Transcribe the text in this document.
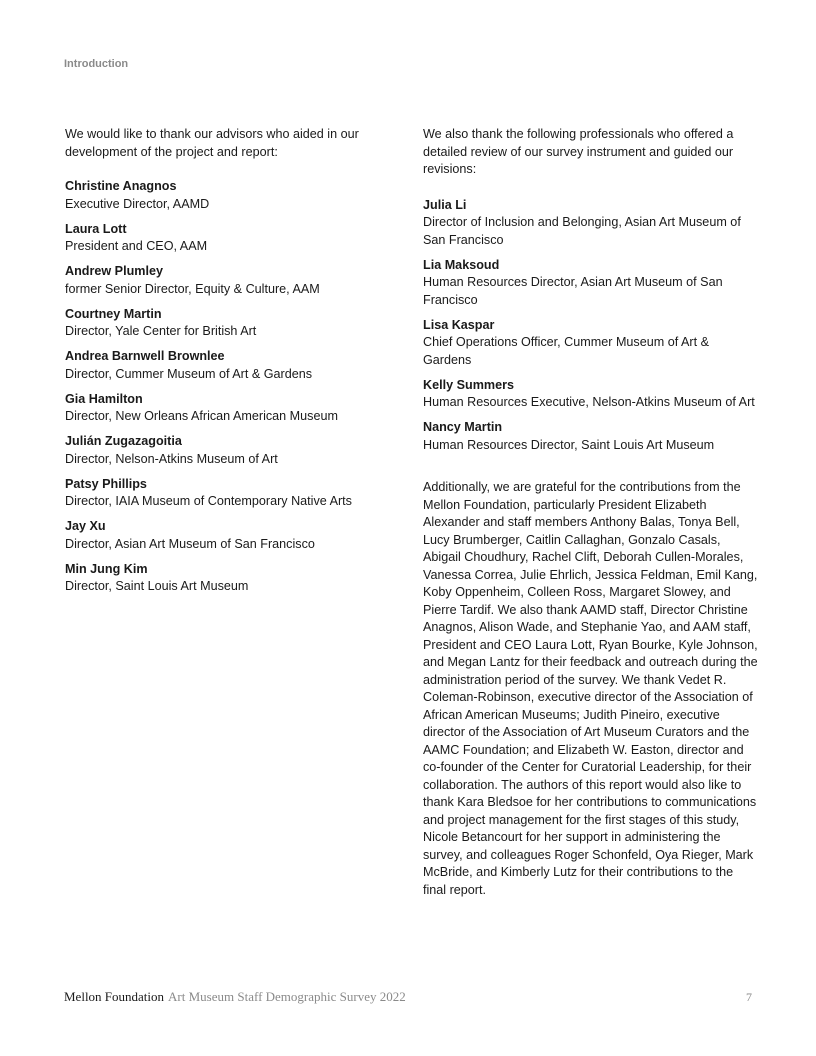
Introduction

We would like to thank our advisors who aided in our development of the project and report:

Christine Anagnos
Executive Director, AAMD
Laura Lott
President and CEO, AAM
Andrew Plumley
former Senior Director, Equity & Culture, AAM
Courtney Martin
Director, Yale Center for British Art
Andrea Barnwell Brownlee
Director, Cummer Museum of Art & Gardens
Gia Hamilton
Director, New Orleans African American Museum
Julián Zugazagoitia
Director, Nelson-Atkins Museum of Art
Patsy Phillips
Director, IAIA Museum of Contemporary Native Arts
Jay Xu
Director, Asian Art Museum of San Francisco
Min Jung Kim
Director, Saint Louis Art Museum

We also thank the following professionals who offered a detailed review of our survey instrument and guided our revisions:

Julia Li
Director of Inclusion and Belonging, Asian Art Museum of San Francisco
Lia Maksoud
Human Resources Director, Asian Art Museum of San Francisco
Lisa Kaspar
Chief Operations Officer, Cummer Museum of Art & Gardens
Kelly Summers
Human Resources Executive, Nelson-Atkins Museum of Art
Nancy Martin
Human Resources Director, Saint Louis Art Museum

Additionally, we are grateful for the contributions from the Mellon Foundation, particularly President Elizabeth Alexander and staff members Anthony Balas, Tonya Bell, Lucy Brumberger, Caitlin Callaghan, Gonzalo Casals, Abigail Choudhury, Rachel Clift, Deborah Cullen-Morales, Vanessa Correa, Julie Ehrlich, Jessica Feldman, Emil Kang, Koby Oppenheim, Colleen Ross, Margaret Slowey, and Pierre Tardif. We also thank AAMD staff, Director Christine Anagnos, Alison Wade, and Stephanie Yao, and AAM staff, President and CEO Laura Lott, Ryan Bourke, Kyle Johnson, and Megan Lantz for their feedback and outreach during the administration period of the survey. We thank Vedet R. Coleman-Robinson, executive director of the Association of African American Museums; Judith Pineiro, executive director of the Association of Art Museum Curators and the AAMC Foundation; and Elizabeth W. Easton, director and co-founder of the Center for Curatorial Leadership, for their collaboration. The authors of this report would also like to thank Kara Bledsoe for her contributions to communications and project management for the first stages of this study, Nicole Betancourt for her support in administering the survey, and colleagues Roger Schonfeld, Oya Rieger, Mark McBride, and Kimberly Lutz for their contributions to the final report.

Mellon Foundation Art Museum Staff Demographic Survey 2022	7
